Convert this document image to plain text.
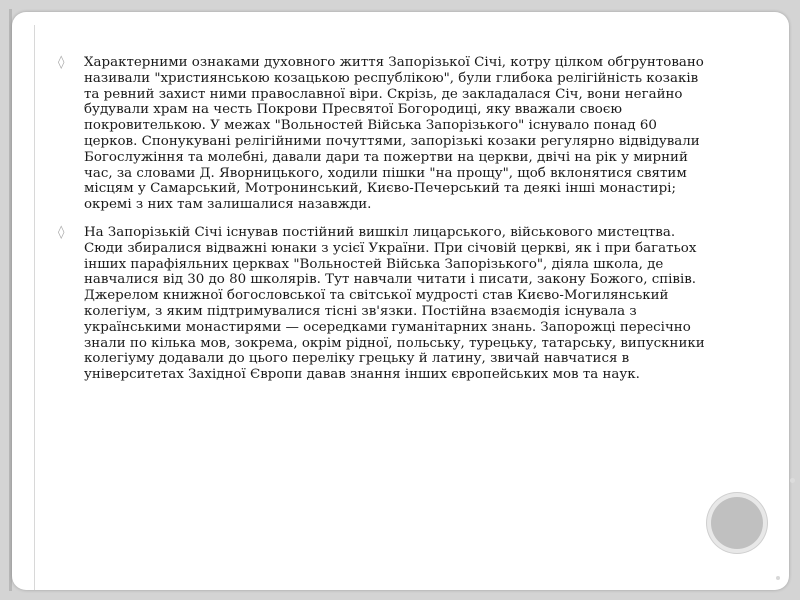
◊ Характерними ознаками духовного життя Запорізької Січі, котру цілком обгрунтовано називали "християнською козацькою республікою", були глибока релігійність козаків та ревний захист ними православної віри. Скрізь, де закладалася Січ, вони негайно будували храм на честь Покрови Пресвятої Богородиці, яку вважали своєю покровителькою. У межах "Вольностей Війська Запорізького" існувало понад 60 церков. Спонукувані релігійними почуттями, запорізькі козаки регулярно відвідували Богослужіння та молебні, давали дари та пожертви на церкви, двічі на рік у мирний час, за словами Д. Яворницького, ходили пішки "на прощу", щоб вклонятися святим місцям у Самарський, Мотронинський, Києво-Печерський та деякі інші монастирі; окремі з них там залишалися назавжди.
◊ На Запорізькій Січі існував постійний вишкіл лицарського, військового мистецтва. Сюди збиралися відважні юнаки з усієї України. При січовій церкві, як і при багатьох інших парафіяльних церквах "Вольностей Війська Запорізького", діяла школа, де навчалися від 30 до 80 школярів. Тут навчали читати і писати, закону Божого, співів. Джерелом книжної богословської та світської мудрості став Києво-Могилянський колегіум, з яким підтримувалися тісні зв'язки. Постійна взаємодія існувала з українськими монастирями — осередками гуманітарних знань. Запорожці пересічно знали по кілька мов, зокрема, окрім рідної, польську, турецьку, татарську, випускники колегіуму додавали до цього переліку грецьку й латину, звичай навчатися в університетах Західної Європи давав знання інших європейських мов та наук.
